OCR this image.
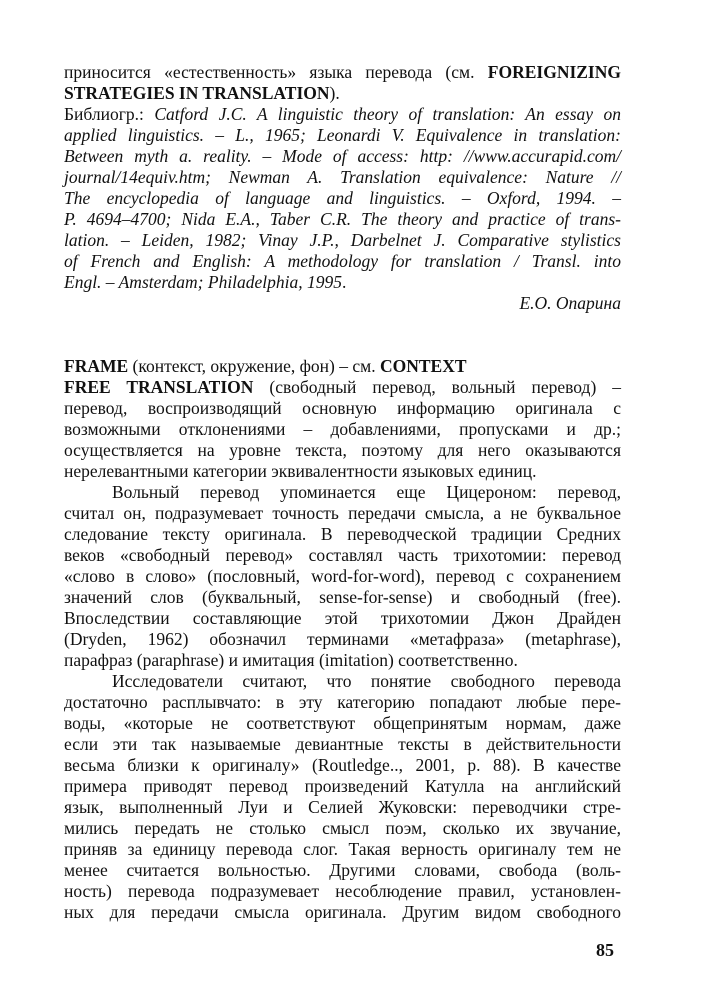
приносится «естественность» языка перевода (см. FOREIGNIZING
STRATEGIES IN TRANSLATION).
Библиогр.: Catford J.C. A linguistic theory of translation: An essay on
applied linguistics. – L., 1965; Leonardi V. Equivalence in translation:
Between myth a. reality. – Mode of access: http: //www.accurapid.com/
journal/14equiv.htm; Newman A. Translation equivalence: Nature //
The encyclopedia of language and linguistics. – Oxford, 1994. –
P. 4694–4700; Nida E.A., Taber C.R. The theory and practice of trans-
lation. – Leiden, 1982; Vinay J.P., Darbelnet J. Comparative stylistics
of French and English: A methodology for translation / Transl. into
Engl. – Amsterdam; Philadelphia, 1995.
Е.О. Опарина
FRAME (контекст, окружение, фон) – см. CONTEXT
FREE TRANSLATION (свободный перевод, вольный перевод) –
перевод, воспроизводящий основную информацию оригинала с
возможными отклонениями – добавлениями, пропусками и др.;
осуществляется на уровне текста, поэтому для него оказываются
нерелевантными категории эквивалентности языковых единиц.
Вольный перевод упоминается еще Цицероном: перевод,
считал он, подразумевает точность передачи смысла, а не буквальное
следование тексту оригинала. В переводческой традиции Средних
веков «свободный перевод» составлял часть трихотомии: перевод
«слово в слово» (пословный, word-for-word), перевод с сохранением
значений слов (буквальный, sense-for-sense) и свободный (free).
Впоследствии составляющие этой трихотомии Джон Драйден
(Dryden, 1962) обозначил терминами «метафраза» (metaphrase),
парафраз (paraphrase) и имитация (imitation) соответственно.
Исследователи считают, что понятие свободного перевода
достаточно расплывчато: в эту категорию попадают любые пере-
воды, «которые не соответствуют общепринятым нормам, даже
если эти так называемые девиантные тексты в действительности
весьма близки к оригиналу» (Routledge.., 2001, p. 88). В качестве
примера приводят перевод произведений Катулла на английский
язык, выполненный Луи и Селией Жуковски: переводчики стре-
мились передать не столько смысл поэм, сколько их звучание,
приняв за единицу перевода слог. Такая верность оригиналу тем не
менее считается вольностью. Другими словами, свобода (воль-
ность) перевода подразумевает несоблюдение правил, установлен-
ных для передачи смысла оригинала. Другим видом свободного
85
